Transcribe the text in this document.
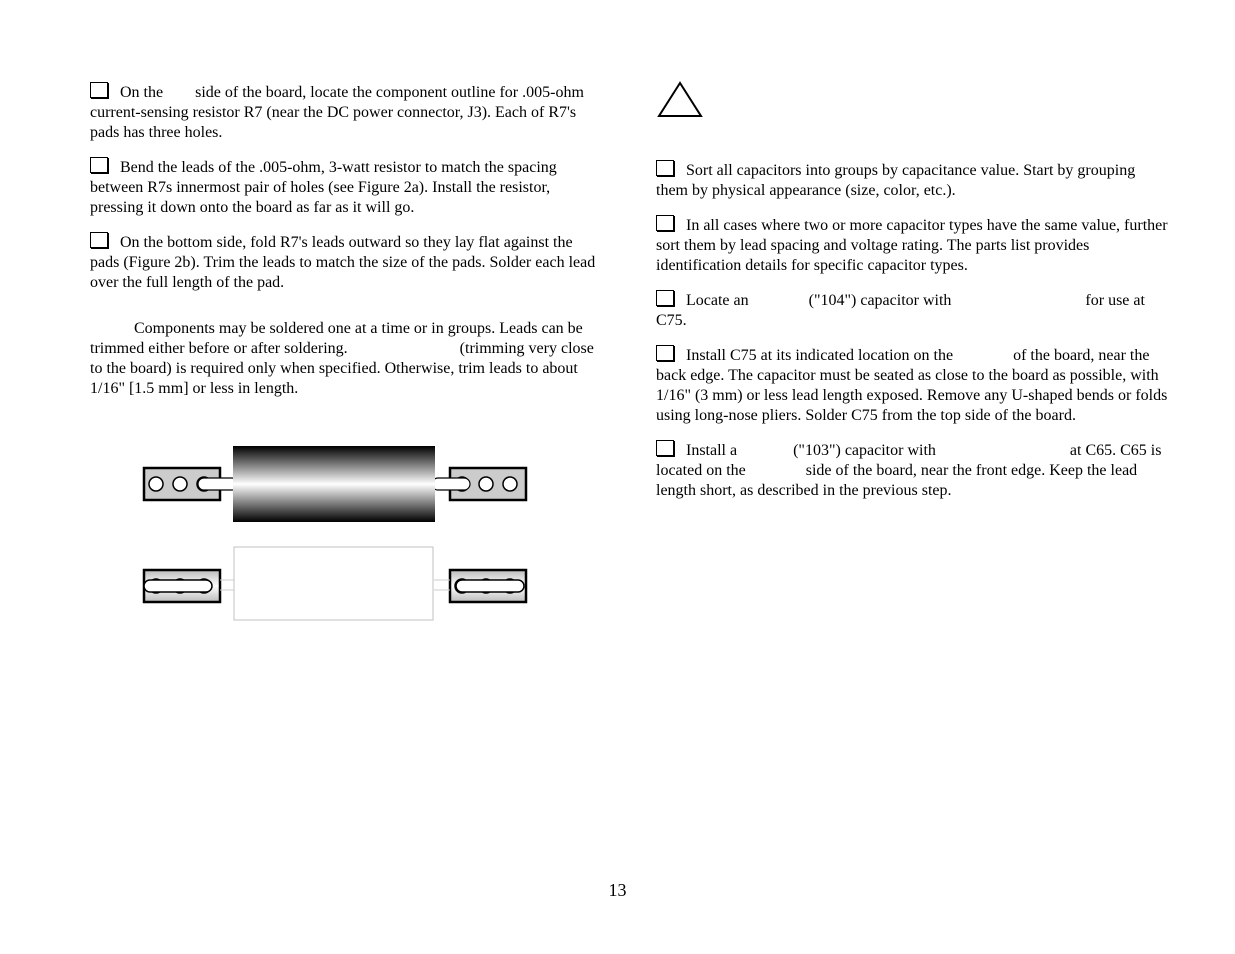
On the side of the board, locate the component outline for .005-ohm current-sensing resistor R7 (near the DC power connector, J3). Each of R7's pads has three holes.

Bend the leads of the .005-ohm, 3-watt resistor to match the spacing between R7s innermost pair of holes (see Figure 2a). Install the resistor, pressing it down onto the board as far as it will go.

On the bottom side, fold R7's leads outward so they lay flat against the pads (Figure 2b). Trim the leads to match the size of the pads. Solder each lead over the full length of the pad.

Components may be soldered one at a time or in groups. Leads can be trimmed either before or after soldering.	(trimming very close to the board) is required only when specified. Otherwise, trim leads to about 1/16" [1.5 mm] or less in length.

Sort all capacitors into groups by capacitance value. Start by grouping them by physical appearance (size, color, etc.).

In all cases where two or more capacitor types have the same value, further sort them by lead spacing and voltage rating. The parts list provides identification details for specific capacitor types.

Locate an	("104") capacitor with	for use at C75.

Install C75 at its indicated location on the	of the board, near the back edge. The capacitor must be seated as close to the board as possible, with 1/16" (3 mm) or less lead length exposed. Remove any U-shaped bends or folds using long-nose pliers. Solder C75 from the top side of the board.

Install a	("103") capacitor with	at C65. C65 is located on the	side of the board, near the front edge. Keep the lead length short, as described in the previous step.

13
